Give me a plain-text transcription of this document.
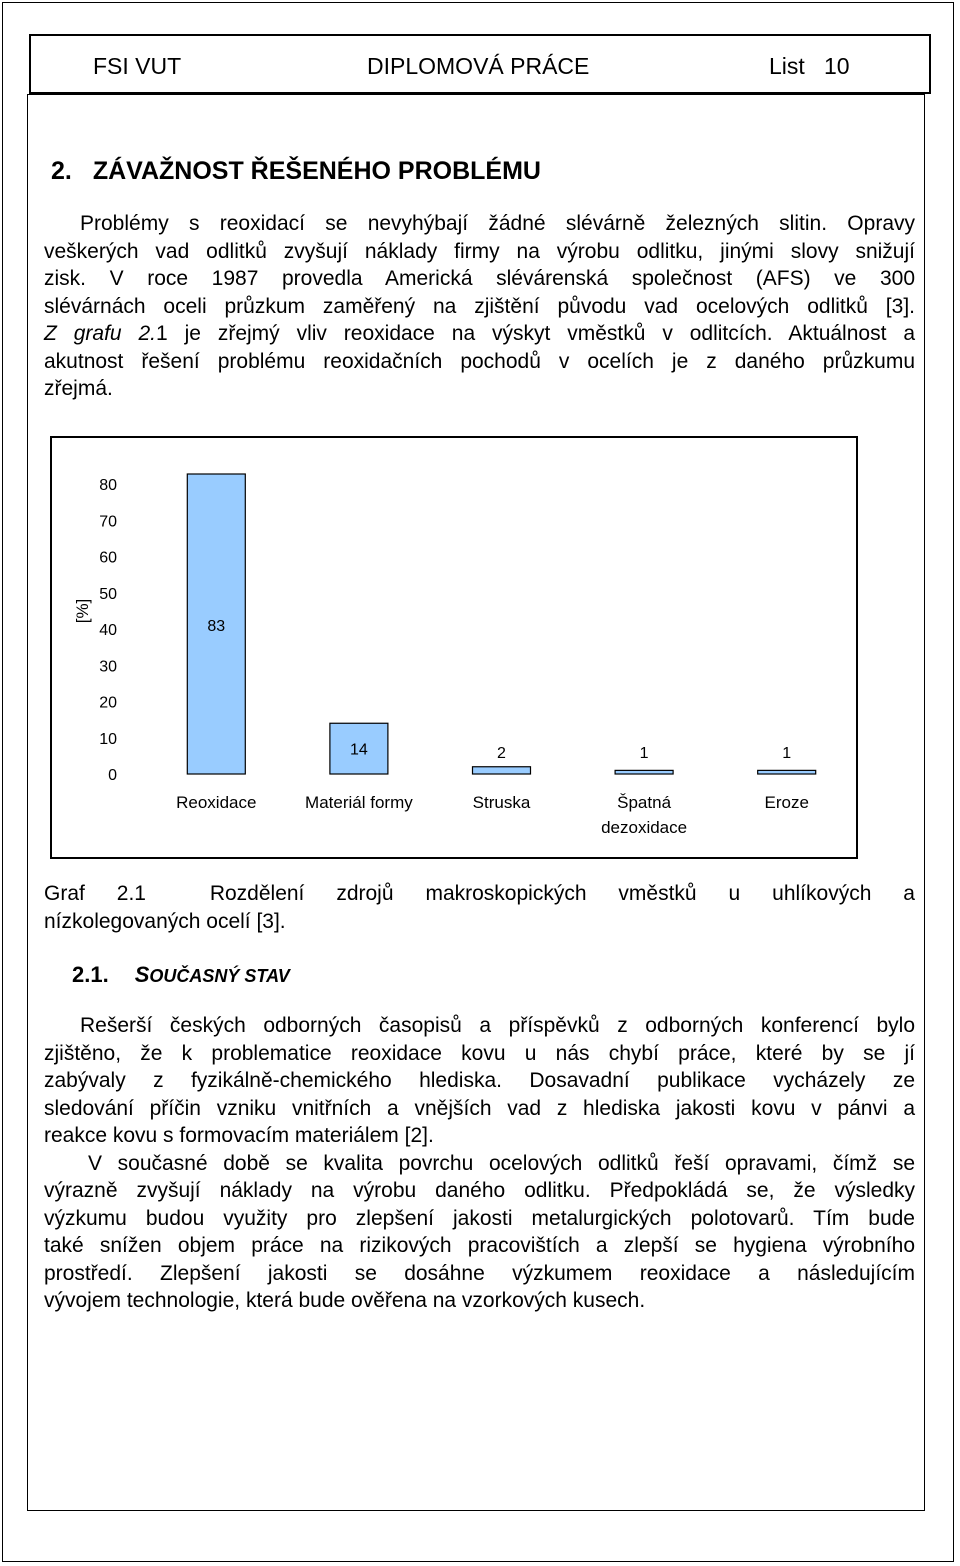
FSI VUT	DIPLOMOVÁ PRÁCE	List   10
2. ZÁVAŽNOST ŘEŠENÉHO PROBLÉMU
Problémy s reoxidací se nevyhýbají žádné slévárně železných slitin. Opravy
veškerých vad odlitků zvyšují náklady firmy na výrobu odlitku, jinými slovy snižují
zisk. V roce 1987 provedla Americká slévárenská společnost (AFS) ve 300
slévárnách oceli průzkum zaměřený na zjištění původu vad ocelových odlitků [3].
Z grafu 2.1 je zřejmý vliv reoxidace na výskyt vměstků v odlitcích. Aktuálnost a
akutnost řešení problému reoxidačních pochodů v ocelích je z daného průzkumu
zřejmá.
0
10
20
30
40
50
60
70
80
[%]
83
Reoxidace
14
Materiál formy
2
Struska
1
Špatná
dezoxidace
1
Eroze
Graf 2.1  Rozdělení zdrojů makroskopických vměstků u uhlíkových a
nízkolegovaných ocelí [3].
2.1. SOUČASNÝ STAV
Rešerší českých odborných časopisů a příspěvků z odborných konferencí bylo
zjištěno, že k problematice reoxidace kovu u nás chybí práce, které by se jí
zabývaly z fyzikálně-chemického hlediska. Dosavadní publikace vycházely ze
sledování příčin vzniku vnitřních a vnějších vad z hlediska jakosti kovu v pánvi a
reakce kovu s formovacím materiálem [2].
V současné době se kvalita povrchu ocelových odlitků řeší opravami, čímž se
výrazně zvyšují náklady na výrobu daného odlitku. Předpokládá se, že výsledky
výzkumu budou využity pro zlepšení jakosti metalurgických polotovarů. Tím bude
také snížen objem práce na rizikových pracovištích a zlepší se hygiena výrobního
prostředí. Zlepšení jakosti se dosáhne výzkumem reoxidace a následujícím
vývojem technologie, která bude ověřena na vzorkových kusech.
